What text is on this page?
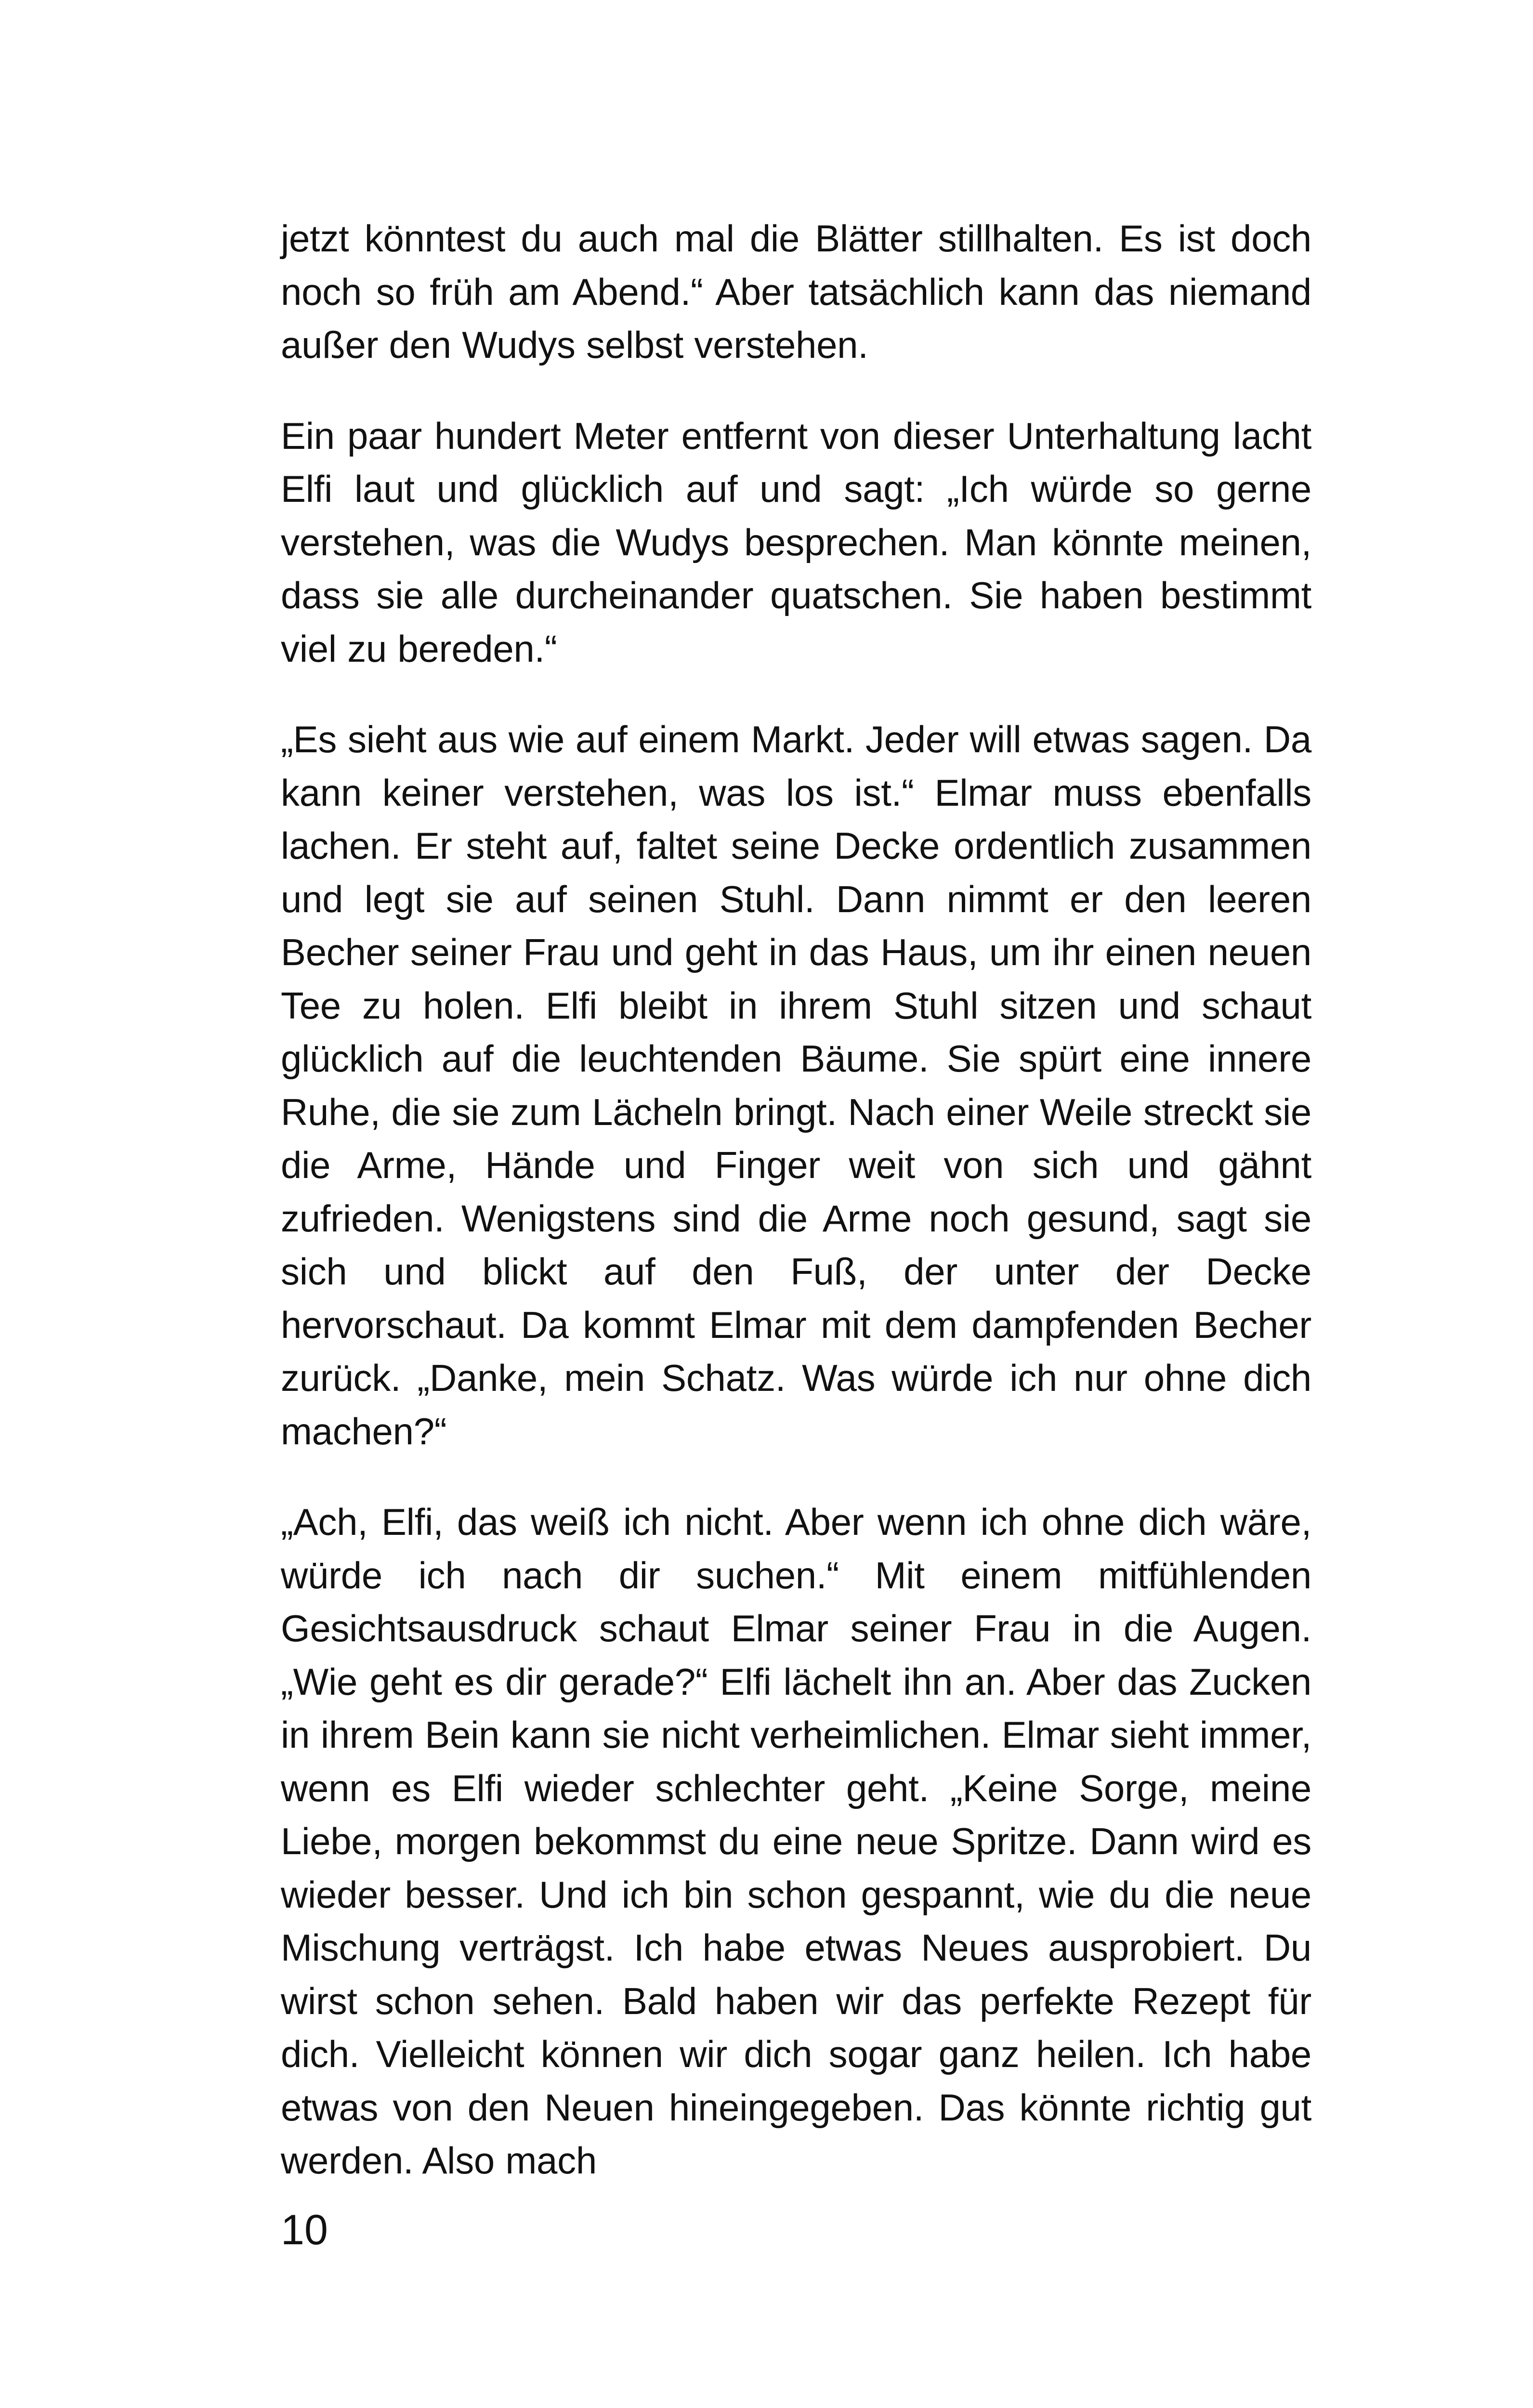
jetzt könntest du auch mal die Blätter stillhalten. Es ist doch noch so früh am Abend.“ Aber tatsächlich kann das niemand außer den Wudys selbst verstehen.

Ein paar hundert Meter entfernt von dieser Unterhaltung lacht Elfi laut und glücklich auf und sagt: „Ich würde so gerne verstehen, was die Wudys besprechen. Man könnte meinen, dass sie alle durcheinander quatschen. Sie haben bestimmt viel zu bereden.“

„Es sieht aus wie auf einem Markt. Jeder will etwas sagen. Da kann keiner verstehen, was los ist.“ Elmar muss ebenfalls lachen. Er steht auf, faltet seine Decke ordentlich zusammen und legt sie auf seinen Stuhl. Dann nimmt er den leeren Becher seiner Frau und geht in das Haus, um ihr einen neuen Tee zu holen. Elfi bleibt in ihrem Stuhl sitzen und schaut glücklich auf die leuchtenden Bäume. Sie spürt eine innere Ruhe, die sie zum Lächeln bringt. Nach einer Weile streckt sie die Arme, Hände und Finger weit von sich und gähnt zufrieden. Wenigstens sind die Arme noch gesund, sagt sie sich und blickt auf den Fuß, der unter der Decke hervorschaut. Da kommt Elmar mit dem dampfenden Becher zurück. „Danke, mein Schatz. Was würde ich nur ohne dich machen?“

„Ach, Elfi, das weiß ich nicht. Aber wenn ich ohne dich wäre, würde ich nach dir suchen.“ Mit einem mitfühlenden Gesichtsausdruck schaut Elmar seiner Frau in die Augen. „Wie geht es dir gerade?“ Elfi lächelt ihn an. Aber das Zucken in ihrem Bein kann sie nicht verheimlichen. Elmar sieht immer, wenn es Elfi wieder schlechter geht. „Keine Sorge, meine Liebe, morgen bekommst du eine neue Spritze. Dann wird es wieder besser. Und ich bin schon gespannt, wie du die neue Mischung verträgst. Ich habe etwas Neues ausprobiert. Du wirst schon sehen. Bald haben wir das perfekte Rezept für dich. Vielleicht können wir dich sogar ganz heilen. Ich habe etwas von den Neuen hineingegeben. Das könnte richtig gut werden. Also mach

10
